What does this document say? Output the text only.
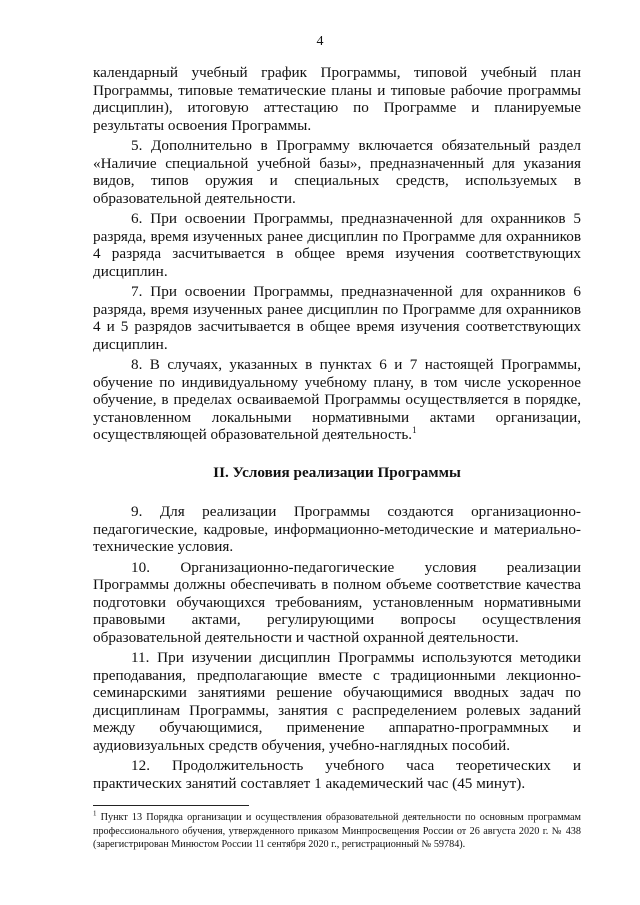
4

календарный учебный график Программы, типовой учебный план Программы, типовые тематические планы и типовые рабочие программы дисциплин), итоговую аттестацию по Программе и планируемые результаты освоения Программы.

5. Дополнительно в Программу включается обязательный раздел «Наличие специальной учебной базы», предназначенный для указания видов, типов оружия и специальных средств, используемых в образовательной деятельности.

6. При освоении Программы, предназначенной для охранников 5 разряда, время изученных ранее дисциплин по Программе для охранников 4 разряда засчитывается в общее время изучения соответствующих дисциплин.

7. При освоении Программы, предназначенной для охранников 6 разряда, время изученных ранее дисциплин по Программе для охранников 4 и 5 разрядов засчитывается в общее время изучения соответствующих дисциплин.

8. В случаях, указанных в пунктах 6 и 7 настоящей Программы, обучение по индивидуальному учебному плану, в том числе ускоренное обучение, в пределах осваиваемой Программы осуществляется в порядке, установленном локальными нормативными актами организации, осуществляющей образовательной деятельность.$^1$

II. Условия реализации Программы

9. Для реализации Программы создаются организационно-педагогические, кадровые, информационно-методические и материально-технические условия.

10. Организационно-педагогические условия реализации Программы должны обеспечивать в полном объеме соответствие качества подготовки обучающихся требованиям, установленным нормативными правовыми актами, регулирующими вопросы осуществления образовательной деятельности и частной охранной деятельности.

11. При изучении дисциплин Программы используются методики преподавания, предполагающие вместе с традиционными лекционно-семинарскими занятиями решение обучающимися вводных задач по дисциплинам Программы, занятия с распределением ролевых заданий между обучающимися, применение аппаратно-программных и аудиовизуальных средств обучения, учебно-наглядных пособий.

12. Продолжительность учебного часа теоретических и практических занятий составляет 1 академический час (45 минут).

$^1$ Пункт 13 Порядка организации и осуществления образовательной деятельности по основным программам профессионального обучения, утвержденного приказом Минпросвещения России от 26 августа 2020 г. № 438 (зарегистрирован Минюстом России 11 сентября 2020 г., регистрационный № 59784).
